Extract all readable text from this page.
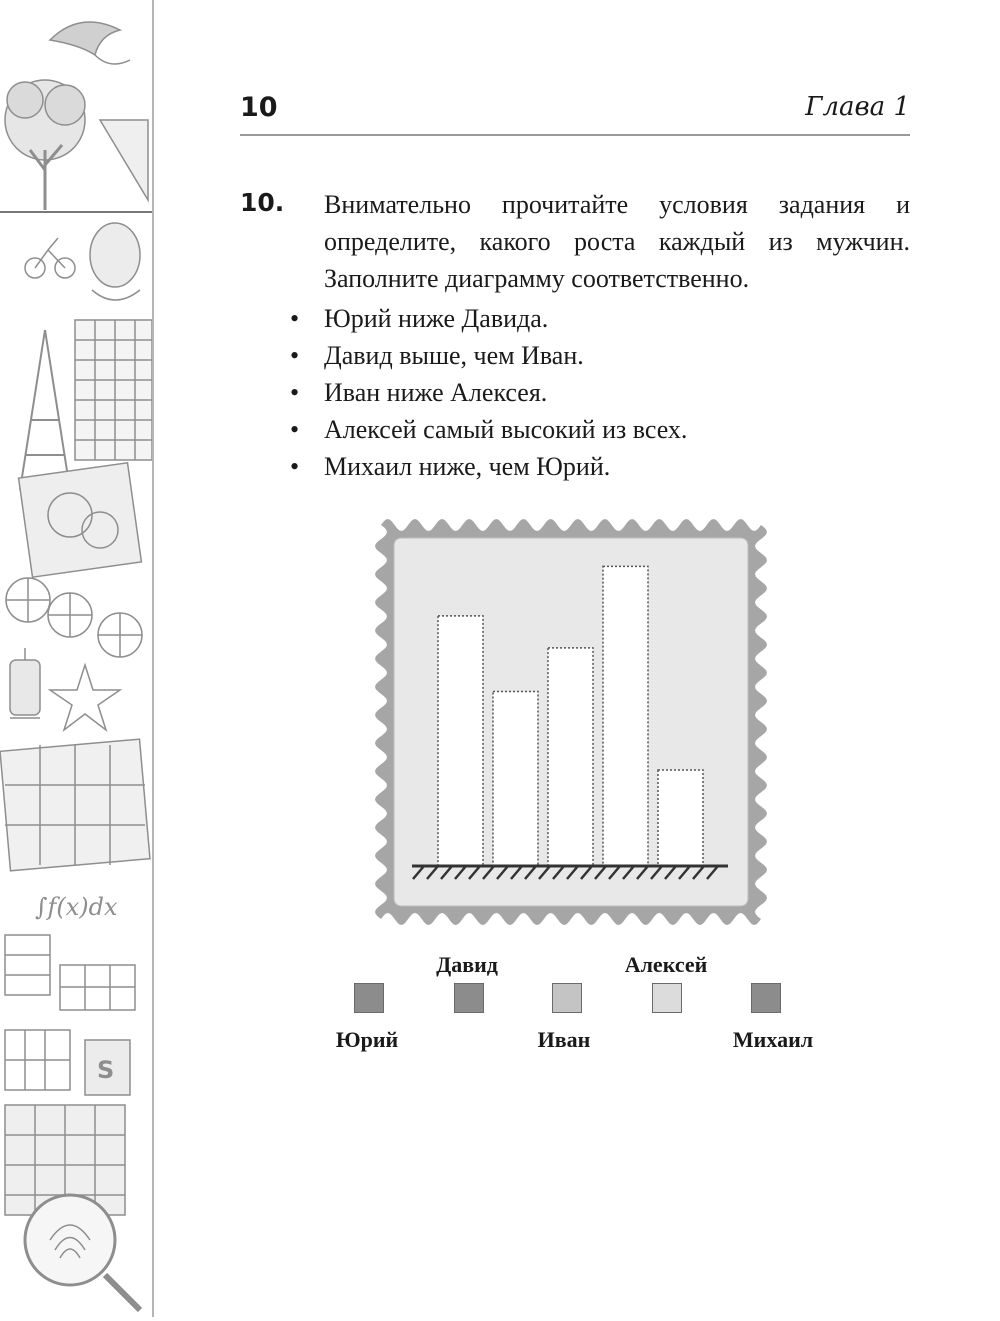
∫f(x)dx
S
10	Глава 1
10. Внимательно прочитайте условия задания и определите, какого роста каждый из мужчин. Заполните диаграмму соответственно.

• Юрий ниже Давида.
• Давид выше, чем Иван.
• Иван ниже Алексея.
• Алексей самый высокий из всех.
• Михаил ниже, чем Юрий.
Юрий
Давид
Иван
Алексей
Михаил
